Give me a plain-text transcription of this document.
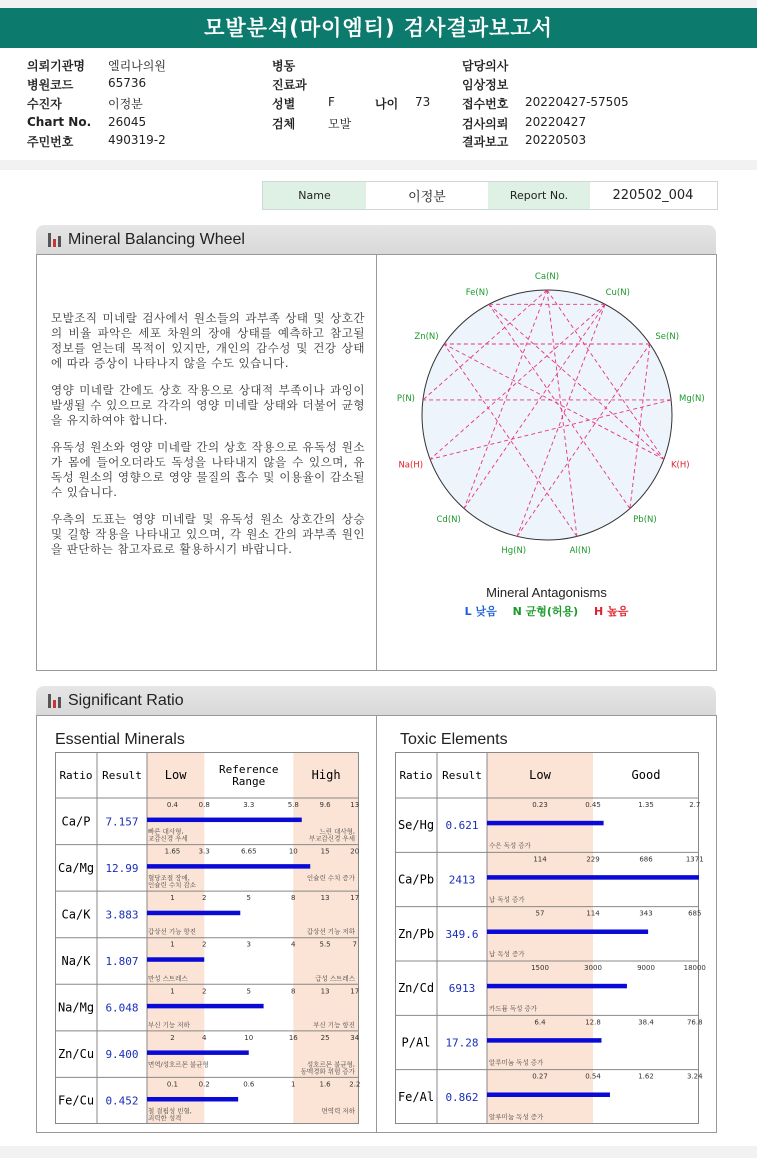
모발분석(마이엠티) 검사결과보고서
의뢰기관명 엘리나의원
병원코드	65736
수진자	이정분
Chart No. 26045
주민번호	490319-2
병동
진료과
성별	F	나이 73
검체	모발
담당의사
임상정보
접수번호 20220427-57505
검사의뢰 20220427
결과보고 20220503
Name	이정분	Report No.	220502_004
Mineral Balancing Wheel

모발조직 미네랄 검사에서 원소들의 과부족 상태 및 상호간의 비율 파악은 세포 차원의 장애 상태를 예측하고 참고될 정보를 얻는데 목적이 있지만, 개인의 감수성 및 건강 상태에 따라 증상이 나타나지 않을 수도 있습니다.

영양 미네랄 간에도 상호 작용으로 상대적 부족이나 과잉이 발생될 수 있으므로 각각의 영양 미네랄 상태와 더불어 균형을 유지하여야 합니다.

유독성 원소와 영양 미네랄 간의 상호 작용으로 유독성 원소가 몸에 들어오더라도 독성을 나타내지 않을 수 있으며, 유독성 원소의 영향으로 영양 물질의 흡수 및 이용율이 감소될 수 있습니다.

우측의 도표는 영양 미네랄 및 유독성 원소 상호간의 상승 및 길항 작용을 나타내고 있으며, 각 원소 간의 과부족 원인을 판단하는 참고자료로 활용하시기 바랍니다.

Ca(N)
Cu(N)
Se(N)
Mg(N)
K(H)
Pb(N)
Al(N)
Hg(N)
Cd(N)
Na(H)
P(N)
Zn(N)
Fe(N)
Mineral Antagonisms
L 낮음 N 균형(허용) H 높음
Significant Ratio
Essential Minerals	Toxic Elements
Ratio Result Low	Reference
Range	High
Ca/P 7.157
0.4	0.8	3.3	5.8	9.6	13
빠른 대사형,
교감신경 우세
느린 대사형,
부교감신경 우세
Ca/Mg 12.99
1.65	3.3	6.65	10	15	20
혈당조절 장애,
인슐린 수치 감소
인슐린 수치 증가
Ca/K 3.883
1	2	5	8	13	17
갑상선 기능 항진	갑상선 기능 저하
Na/K 1.807
1	2	3	4	5.5	7
만성 스트레스	급성 스트레스
Na/Mg 6.048
1	2	5	8	13	17
부신 기능 저하	부신 기능 항진
Zn/Cu 9.400
2	4	10	16	25	34
면역/성호르몬 불균형	성호르몬 불균형,
동맥경화 위험 증가
Fe/Cu 0.452
0.1	0.2	0.6	1	1.6	2.2
철 결핍성 빈혈,
괴력한 성격
면역력 저하
Ratio Result	Low	Good
Se/Hg 0.621
0.23	0.45	1.35	2.7
수은 독성 증가
Ca/Pb 2413
114	229	686	1371
납 독성 증가
Zn/Pb 349.6
57	114	343	685
납 독성 증가
Zn/Cd 6913
1500	3000	9000	18000
카드뮴 독성 증가
P/Al 17.28
6.4	12.8	38.4	76.8
알루미늄 독성 증가
Fe/Al 0.862
0.27	0.54	1.62	3.24
알루미늄 독성 증가
